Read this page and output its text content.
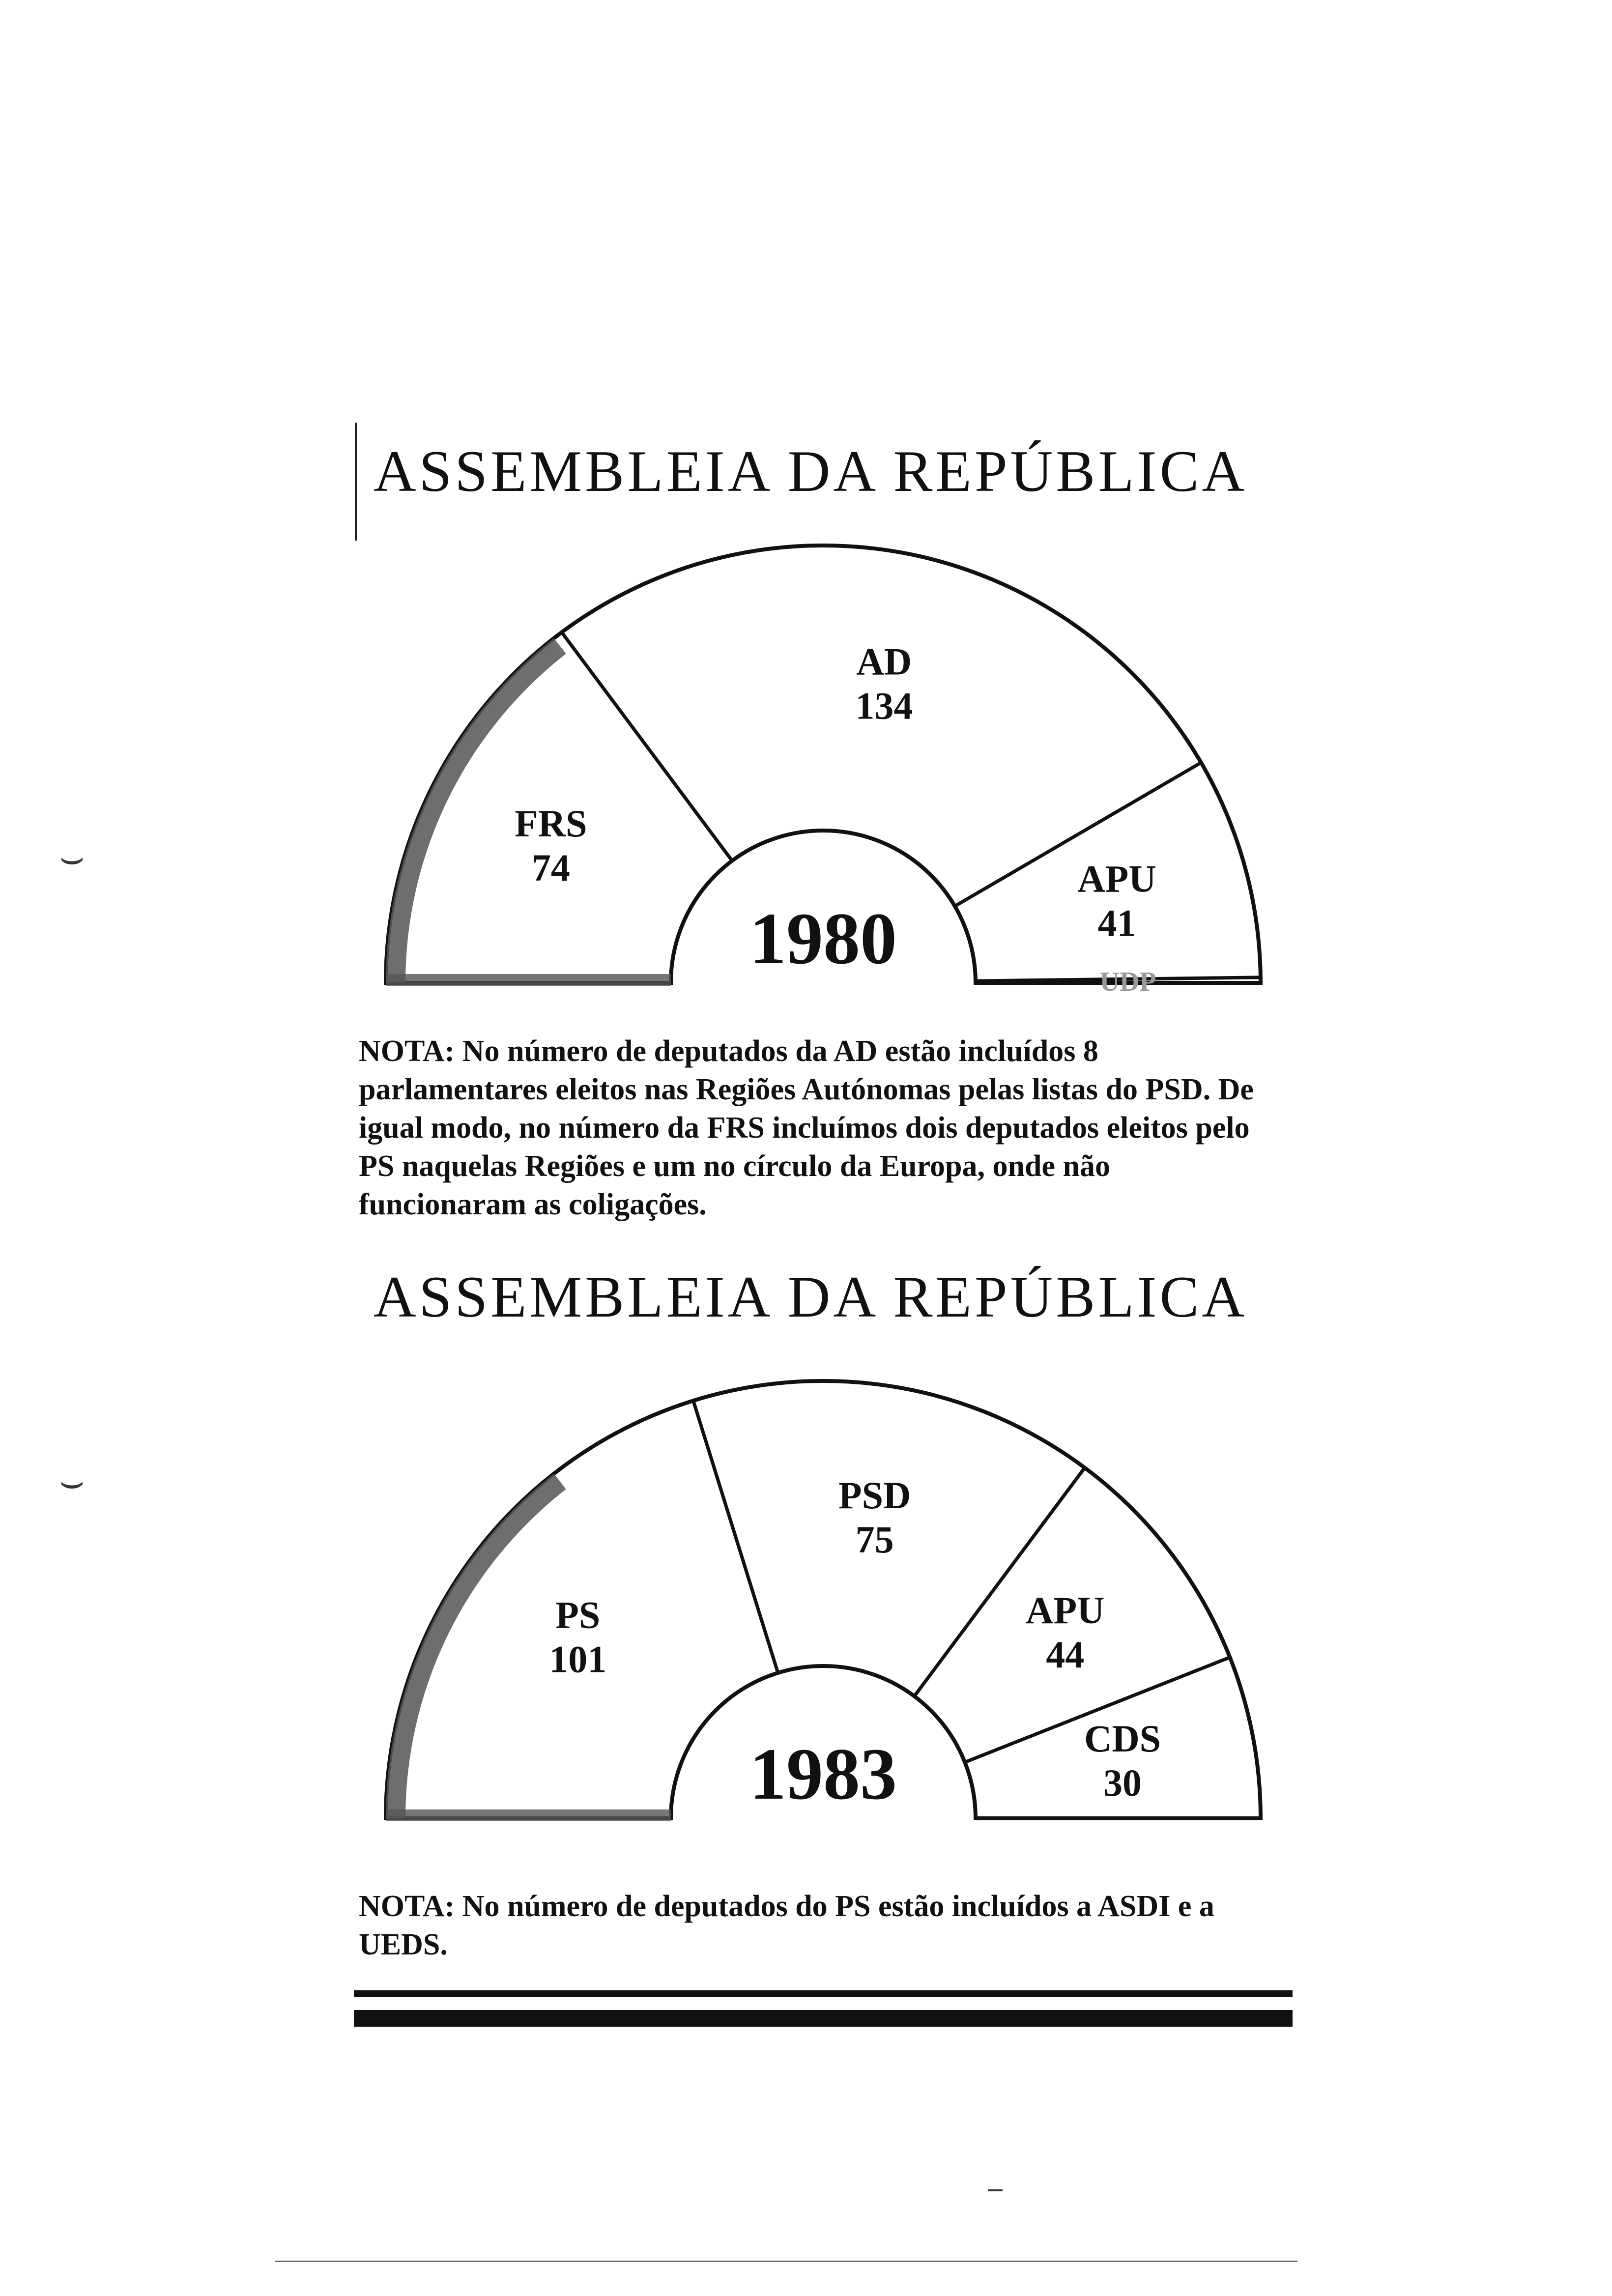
⌣
⌣
ASSEMBLEIA DA REPÚBLICA
FRS
74
AD
134
APU
41
UDP
1980
NOTA: No número de deputados da AD estão incluídos 8 parlamentares eleitos nas Regiões Autónomas pelas listas do PSD. De igual modo, no número da FRS incluímos dois deputados eleitos pelo PS naquelas Regiões e um no círculo da Europa, onde não funcionaram as coligações.
ASSEMBLEIA DA REPÚBLICA
PS
101
PSD
75
APU
44
CDS
30
1983
NOTA: No número de deputados do PS estão incluídos a ASDI e a UEDS.
